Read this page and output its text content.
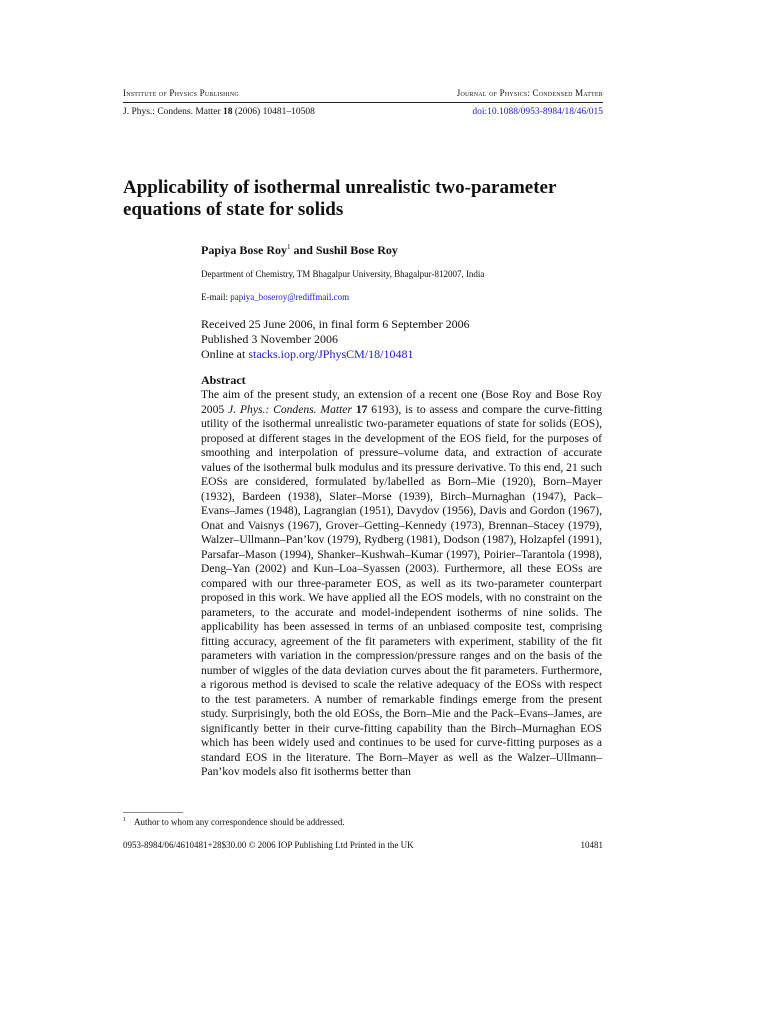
Institute of Physics Publishing	Journal of Physics: Condensed Matter
J. Phys.: Condens. Matter 18 (2006) 10481–10508	doi:10.1088/0953-8984/18/46/015
Applicability of isothermal unrealistic two-parameter equations of state for solids
Papiya Bose Roy$^1$ and Sushil Bose Roy
Department of Chemistry, TM Bhagalpur University, Bhagalpur-812007, India
E-mail: papiya_boseroy@rediffmail.com
Received 25 June 2006, in final form 6 September 2006
Published 3 November 2006
Online at stacks.iop.org/JPhysCM/18/10481
Abstract
The aim of the present study, an extension of a recent one (Bose Roy and Bose Roy 2005 J. Phys.: Condens. Matter 17 6193), is to assess and compare the curve-fitting utility of the isothermal unrealistic two-parameter equations of state for solids (EOS), proposed at different stages in the development of the EOS field, for the purposes of smoothing and interpolation of pressure–volume data, and extraction of accurate values of the isothermal bulk modulus and its pressure derivative. To this end, 21 such EOSs are considered, formulated by/labelled as Born–Mie (1920), Born–Mayer (1932), Bardeen (1938), Slater–Morse (1939), Birch–Murnaghan (1947), Pack–Evans–James (1948), Lagrangian (1951), Davydov (1956), Davis and Gordon (1967), Onat and Vaisnys (1967), Grover–Getting–Kennedy (1973), Brennan–Stacey (1979), Walzer–Ullmann–Pan’kov (1979), Rydberg (1981), Dodson (1987), Holzapfel (1991), Parsafar–Mason (1994), Shanker–Kushwah–Kumar (1997), Poirier–Tarantola (1998), Deng–Yan (2002) and Kun–Loa–Syassen (2003). Furthermore, all these EOSs are compared with our three-parameter EOS, as well as its two-parameter counterpart proposed in this work. We have applied all the EOS models, with no constraint on the parameters, to the accurate and model-independent isotherms of nine solids. The applicability has been assessed in terms of an unbiased composite test, comprising fitting accuracy, agreement of the fit parameters with experiment, stability of the fit parameters with variation in the compression/pressure ranges and on the basis of the number of wiggles of the data deviation curves about the fit parameters. Furthermore, a rigorous method is devised to scale the relative adequacy of the EOSs with respect to the test parameters. A number of remarkable findings emerge from the present study. Surprisingly, both the old EOSs, the Born–Mie and the Pack–Evans–James, are significantly better in their curve-fitting capability than the Birch–Murnaghan EOS which has been widely used and continues to be used for curve-fitting purposes as a standard EOS in the literature. The Born–Mayer as well as the Walzer–Ullmann–Pan’kov models also fit isotherms better than
$^1$ Author to whom any correspondence should be addressed.
0953-8984/06/4610481+28$30.00 © 2006 IOP Publishing Ltd Printed in the UK	10481
